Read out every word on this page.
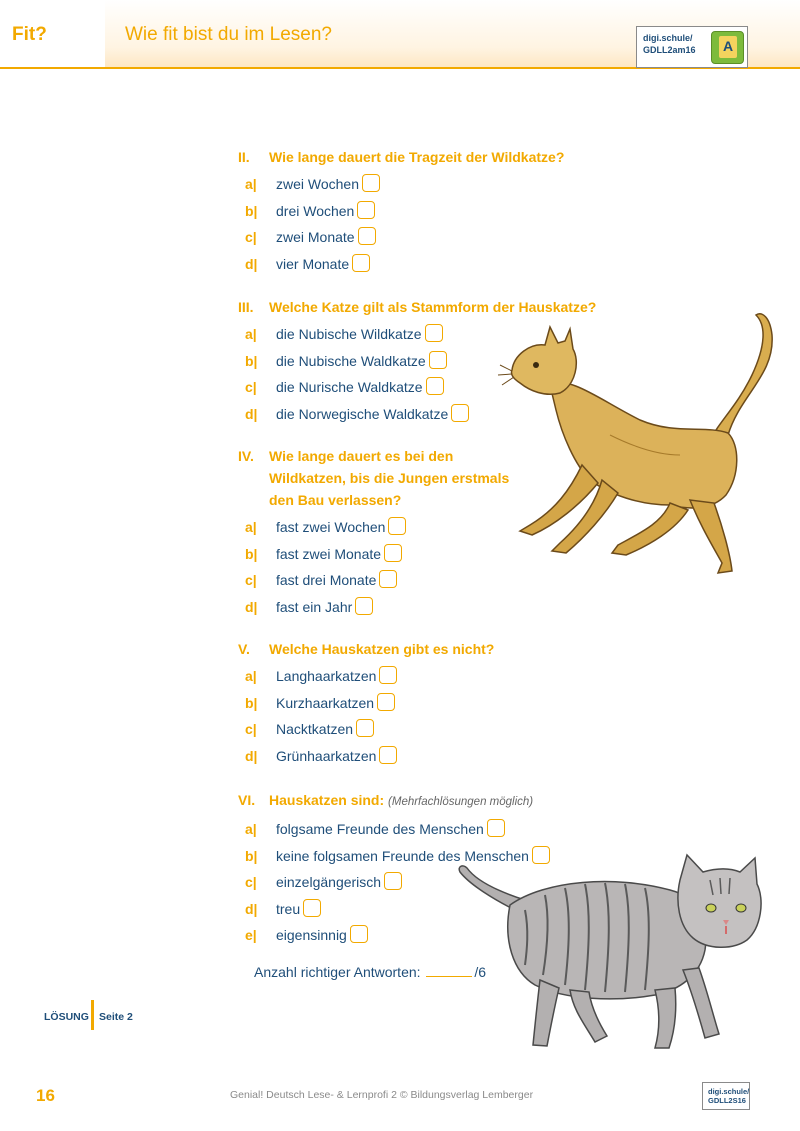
Fit?	Wie fit bist du im Lesen?	digi.schule/
GDLL2am16 A
II. Wie lange dauert die Tragzeit der Wildkatze?
a| zwei Wochen
b| drei Wochen
c| zwei Monate
d| vier Monate
III. Welche Katze gilt als Stammform der Hauskatze?
a| die Nubische Wildkatze
b| die Nubische Waldkatze
c| die Nurische Waldkatze
d| die Norwegische Waldkatze
IV. Wie lange dauert es bei den
Wildkatzen, bis die Jungen erstmals
den Bau verlassen?
a| fast zwei Wochen
b| fast zwei Monate
c| fast drei Monate
d| fast ein Jahr
V. Welche Hauskatzen gibt es nicht?
a| Langhaarkatzen
b| Kurzhaarkatzen
c| Nacktkatzen
d| Grünhaarkatzen
VI. Hauskatzen sind: (Mehrfachlösungen möglich)
a| folgsame Freunde des Menschen
b| keine folgsamen Freunde des Menschen
c| einzelgängerisch
d| treu
e| eigensinnig
Anzahl richtiger Antworten:	/6
LÖSUNG Seite 2
16	Genial! Deutsch Lese- & Lernprofi 2 © Bildungsverlag Lemberger	digi.schule/
GDLL2S16
